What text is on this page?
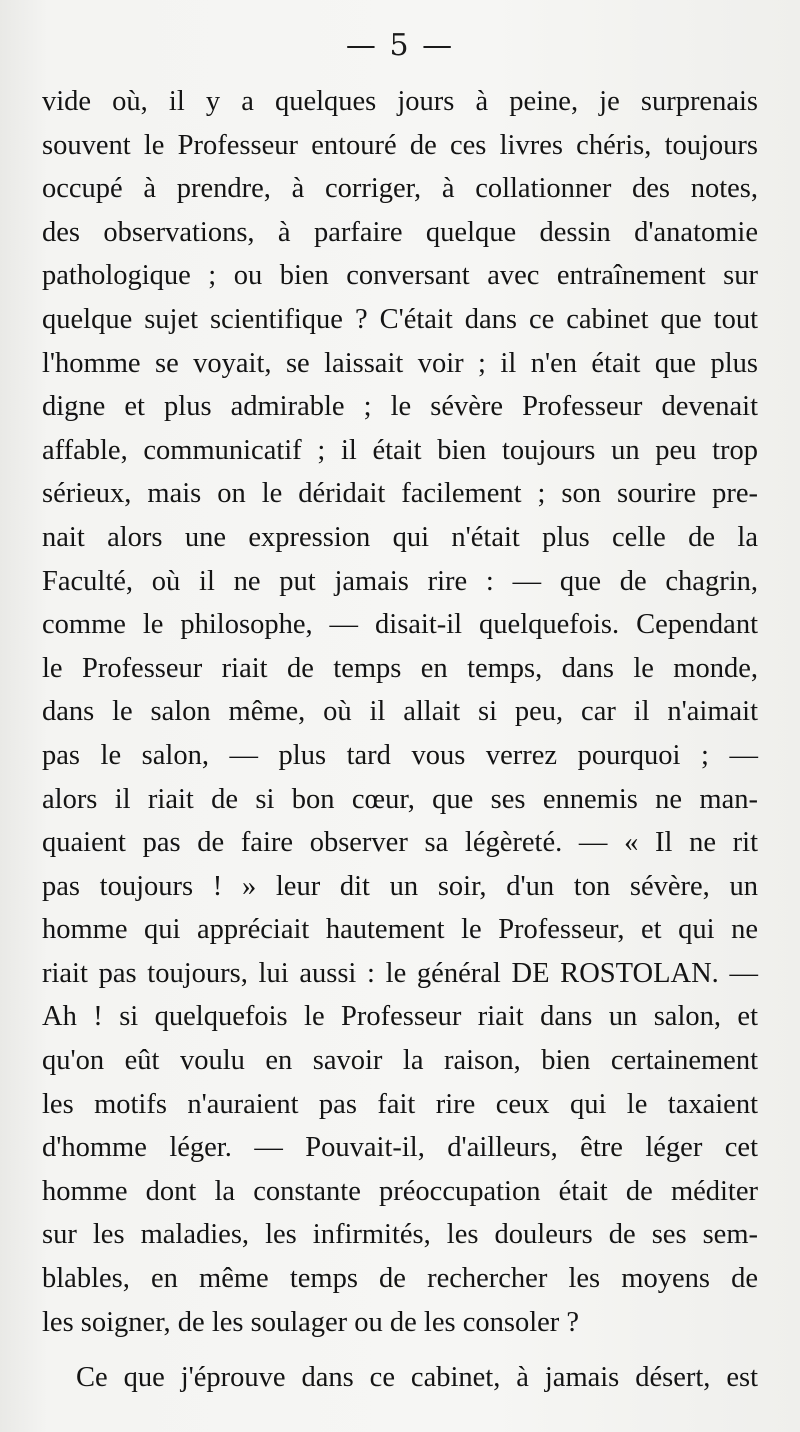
— 5 —
vide où, il y a quelques jours à peine, je surprenais
souvent le Professeur entouré de ces livres chéris, toujours
occupé à prendre, à corriger, à collationner des notes,
des observations, à parfaire quelque dessin d'anatomie
pathologique ; ou bien conversant avec entraînement sur
quelque sujet scientifique ? C'était dans ce cabinet que tout
l'homme se voyait, se laissait voir ; il n'en était que plus
digne et plus admirable ; le sévère Professeur devenait
affable, communicatif ; il était bien toujours un peu trop
sérieux, mais on le déridait facilement ; son sourire pre-
nait alors une expression qui n'était plus celle de la
Faculté, où il ne put jamais rire : — que de chagrin,
comme le philosophe, — disait-il quelquefois. Cependant
le Professeur riait de temps en temps, dans le monde,
dans le salon même, où il allait si peu, car il n'aimait
pas le salon, — plus tard vous verrez pourquoi ; —
alors il riait de si bon cœur, que ses ennemis ne man-
quaient pas de faire observer sa légèreté. — « Il ne rit
pas toujours ! » leur dit un soir, d'un ton sévère, un
homme qui appréciait hautement le Professeur, et qui ne
riait pas toujours, lui aussi : le général DE ROSTOLAN. —
Ah ! si quelquefois le Professeur riait dans un salon, et
qu'on eût voulu en savoir la raison, bien certainement
les motifs n'auraient pas fait rire ceux qui le taxaient
d'homme léger. — Pouvait-il, d'ailleurs, être léger cet
homme dont la constante préoccupation était de méditer
sur les maladies, les infirmités, les douleurs de ses sem-
blables, en même temps de rechercher les moyens de
les soigner, de les soulager ou de les consoler ?
Ce que j'éprouve dans ce cabinet, à jamais désert, est
